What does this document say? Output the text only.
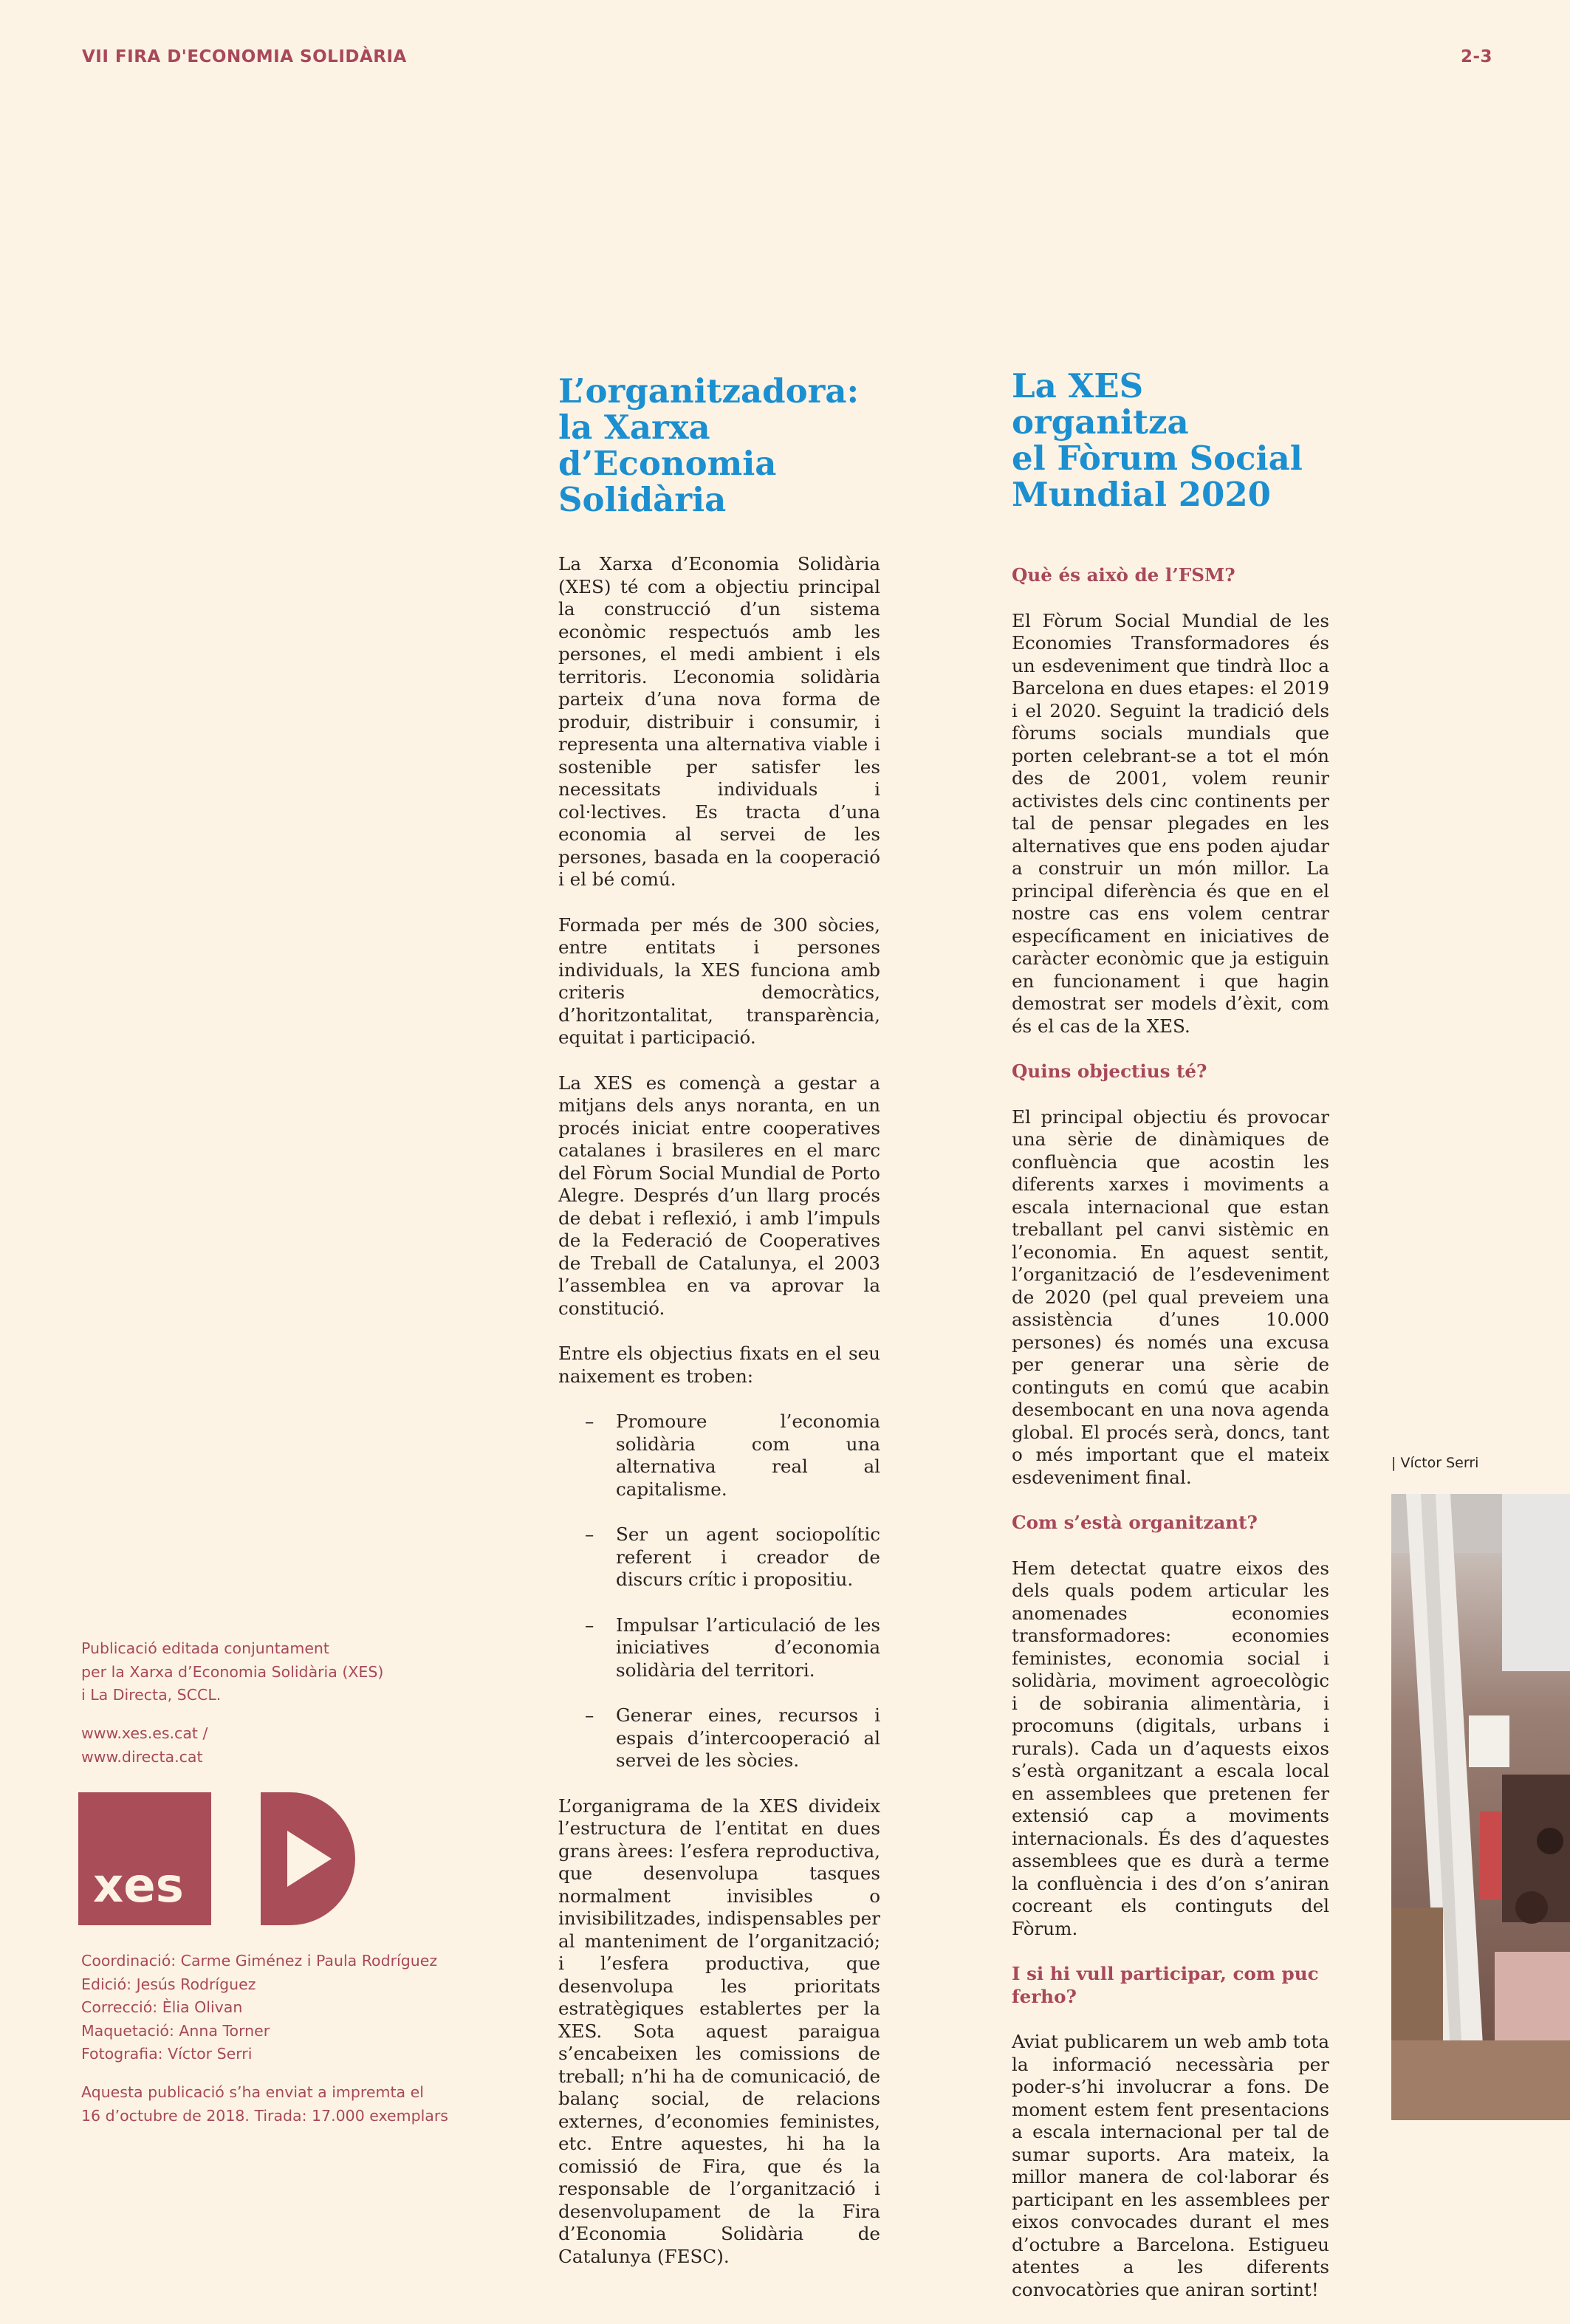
VII FIRA D'ECONOMIA SOLIDÀRIA	2-3
L’organitzadora:
la Xarxa
d’Economia
Solidària

La Xarxa d’Economia Solidària (XES) té com a objectiu principal la construcció d’un sistema econòmic respectuós amb les persones, el medi ambient i els territoris. L’economia solidària parteix d’una nova forma de produir, distribuir i consumir, i representa una alternativa viable i sostenible per satisfer les necessitats individuals i col·lectives. Es tracta d’una economia al servei de les persones, basada en la cooperació i el bé comú.

Formada per més de 300 sòcies, entre entitats i persones individuals, la XES funciona amb criteris democràtics, d’horitzontalitat, transparència, equitat i participació.

La XES es començà a gestar a mitjans dels anys noranta, en un procés iniciat entre cooperatives catalanes i brasileres en el marc del Fòrum Social Mundial de Porto Alegre. Després d’un llarg procés de debat i reflexió, i amb l’impuls de la Federació de Cooperatives de Treball de Catalunya, el 2003 l’assemblea en va aprovar la constitució.

Entre els objectius fixats en el seu naixement es troben:

– Promoure l’economia solidària com una alternativa real al capitalisme.
– Ser un agent sociopolític referent i creador de discurs crític i propositiu.
– Impulsar l’articulació de les iniciatives d’economia solidària del territori.
– Generar eines, recursos i espais d’intercooperació al servei de les sòcies.

L’organigrama de la XES divideix l’estructura de l’entitat en dues grans àrees: l’esfera reproductiva, que desenvolupa tasques normalment invisibles o invisibilitzades, indispensables per al manteniment de l’organització; i l’esfera productiva, que desenvolupa les prioritats estratègiques establertes per la XES. Sota aquest paraigua s’encabeixen les comissions de treball; n’hi ha de comunicació, de balanç social, de relacions externes, d’economies feministes, etc. Entre aquestes, hi ha la comissió de Fira, que és la responsable de l’organització i desenvolupament de la Fira d’Economia Solidària de Catalunya (FESC).

La XES organitza
el Fòrum Social
Mundial 2020
Què és això de l’FSM?

El Fòrum Social Mundial de les Economies Transformadores és un esdeveniment que tindrà lloc a Barcelona en dues etapes: el 2019 i el 2020. Seguint la tradició dels fòrums socials mundials que porten celebrant-se a tot el món des de 2001, volem reunir activistes dels cinc continents per tal de pensar plegades en les alternatives que ens poden ajudar a construir un món millor. La principal diferència és que en el nostre cas ens volem centrar específicament en iniciatives de caràcter econòmic que ja estiguin en funcionament i que hagin demostrat ser models d’èxit, com és el cas de la XES.

Quins objectius té?

El principal objectiu és provocar una sèrie de dinàmiques de confluència que acostin les diferents xarxes i moviments a escala internacional que estan treballant pel canvi sistèmic en l’economia. En aquest sentit, l’organització de l’esdeveniment de 2020 (pel qual preveiem una assistència d’unes 10.000 persones) és només una excusa per generar una sèrie de continguts en comú que acabin desembocant en una nova agenda global. El procés serà, doncs, tant o més important que el mateix esdeveniment final.

Com s’està organitzant?

Hem detectat quatre eixos des dels quals podem articular les anomenades economies transformadores: economies feministes, economia social i solidària, moviment agroecològic i de sobirania alimentària, i procomuns (digitals, urbans i rurals). Cada un d’aquests eixos s’està organitzant a escala local en assemblees que pretenen fer extensió cap a moviments internacionals. És des d’aquestes assemblees que es durà a terme la confluència i des d’on s’aniran cocreant els continguts del Fòrum.

I si hi vull participar, com puc ferho?

Aviat publicarem un web amb tota la informació necessària per poder-s’hi involucrar a fons. De moment estem fent presentacions a escala internacional per tal de sumar suports. Ara mateix, la millor manera de col·laborar és participant en les assemblees per eixos convocades durant el mes d’octubre a Barcelona. Estigueu atentes a les diferents convocatòries que aniran sortint!

| Víctor Serri
Publicació editada conjuntament
per la Xarxa d’Economia Solidària (XES)
i La Directa, SCCL.
www.xes.es.cat /
www.directa.cat
xes
Coordinació: Carme Giménez i Paula Rodríguez
Edició: Jesús Rodríguez
Correcció: Èlia Olivan
Maquetació: Anna Torner
Fotografia: Víctor Serri
Aquesta publicació s’ha enviat a impremta el
16 d’octubre de 2018. Tirada: 17.000 exemplars
